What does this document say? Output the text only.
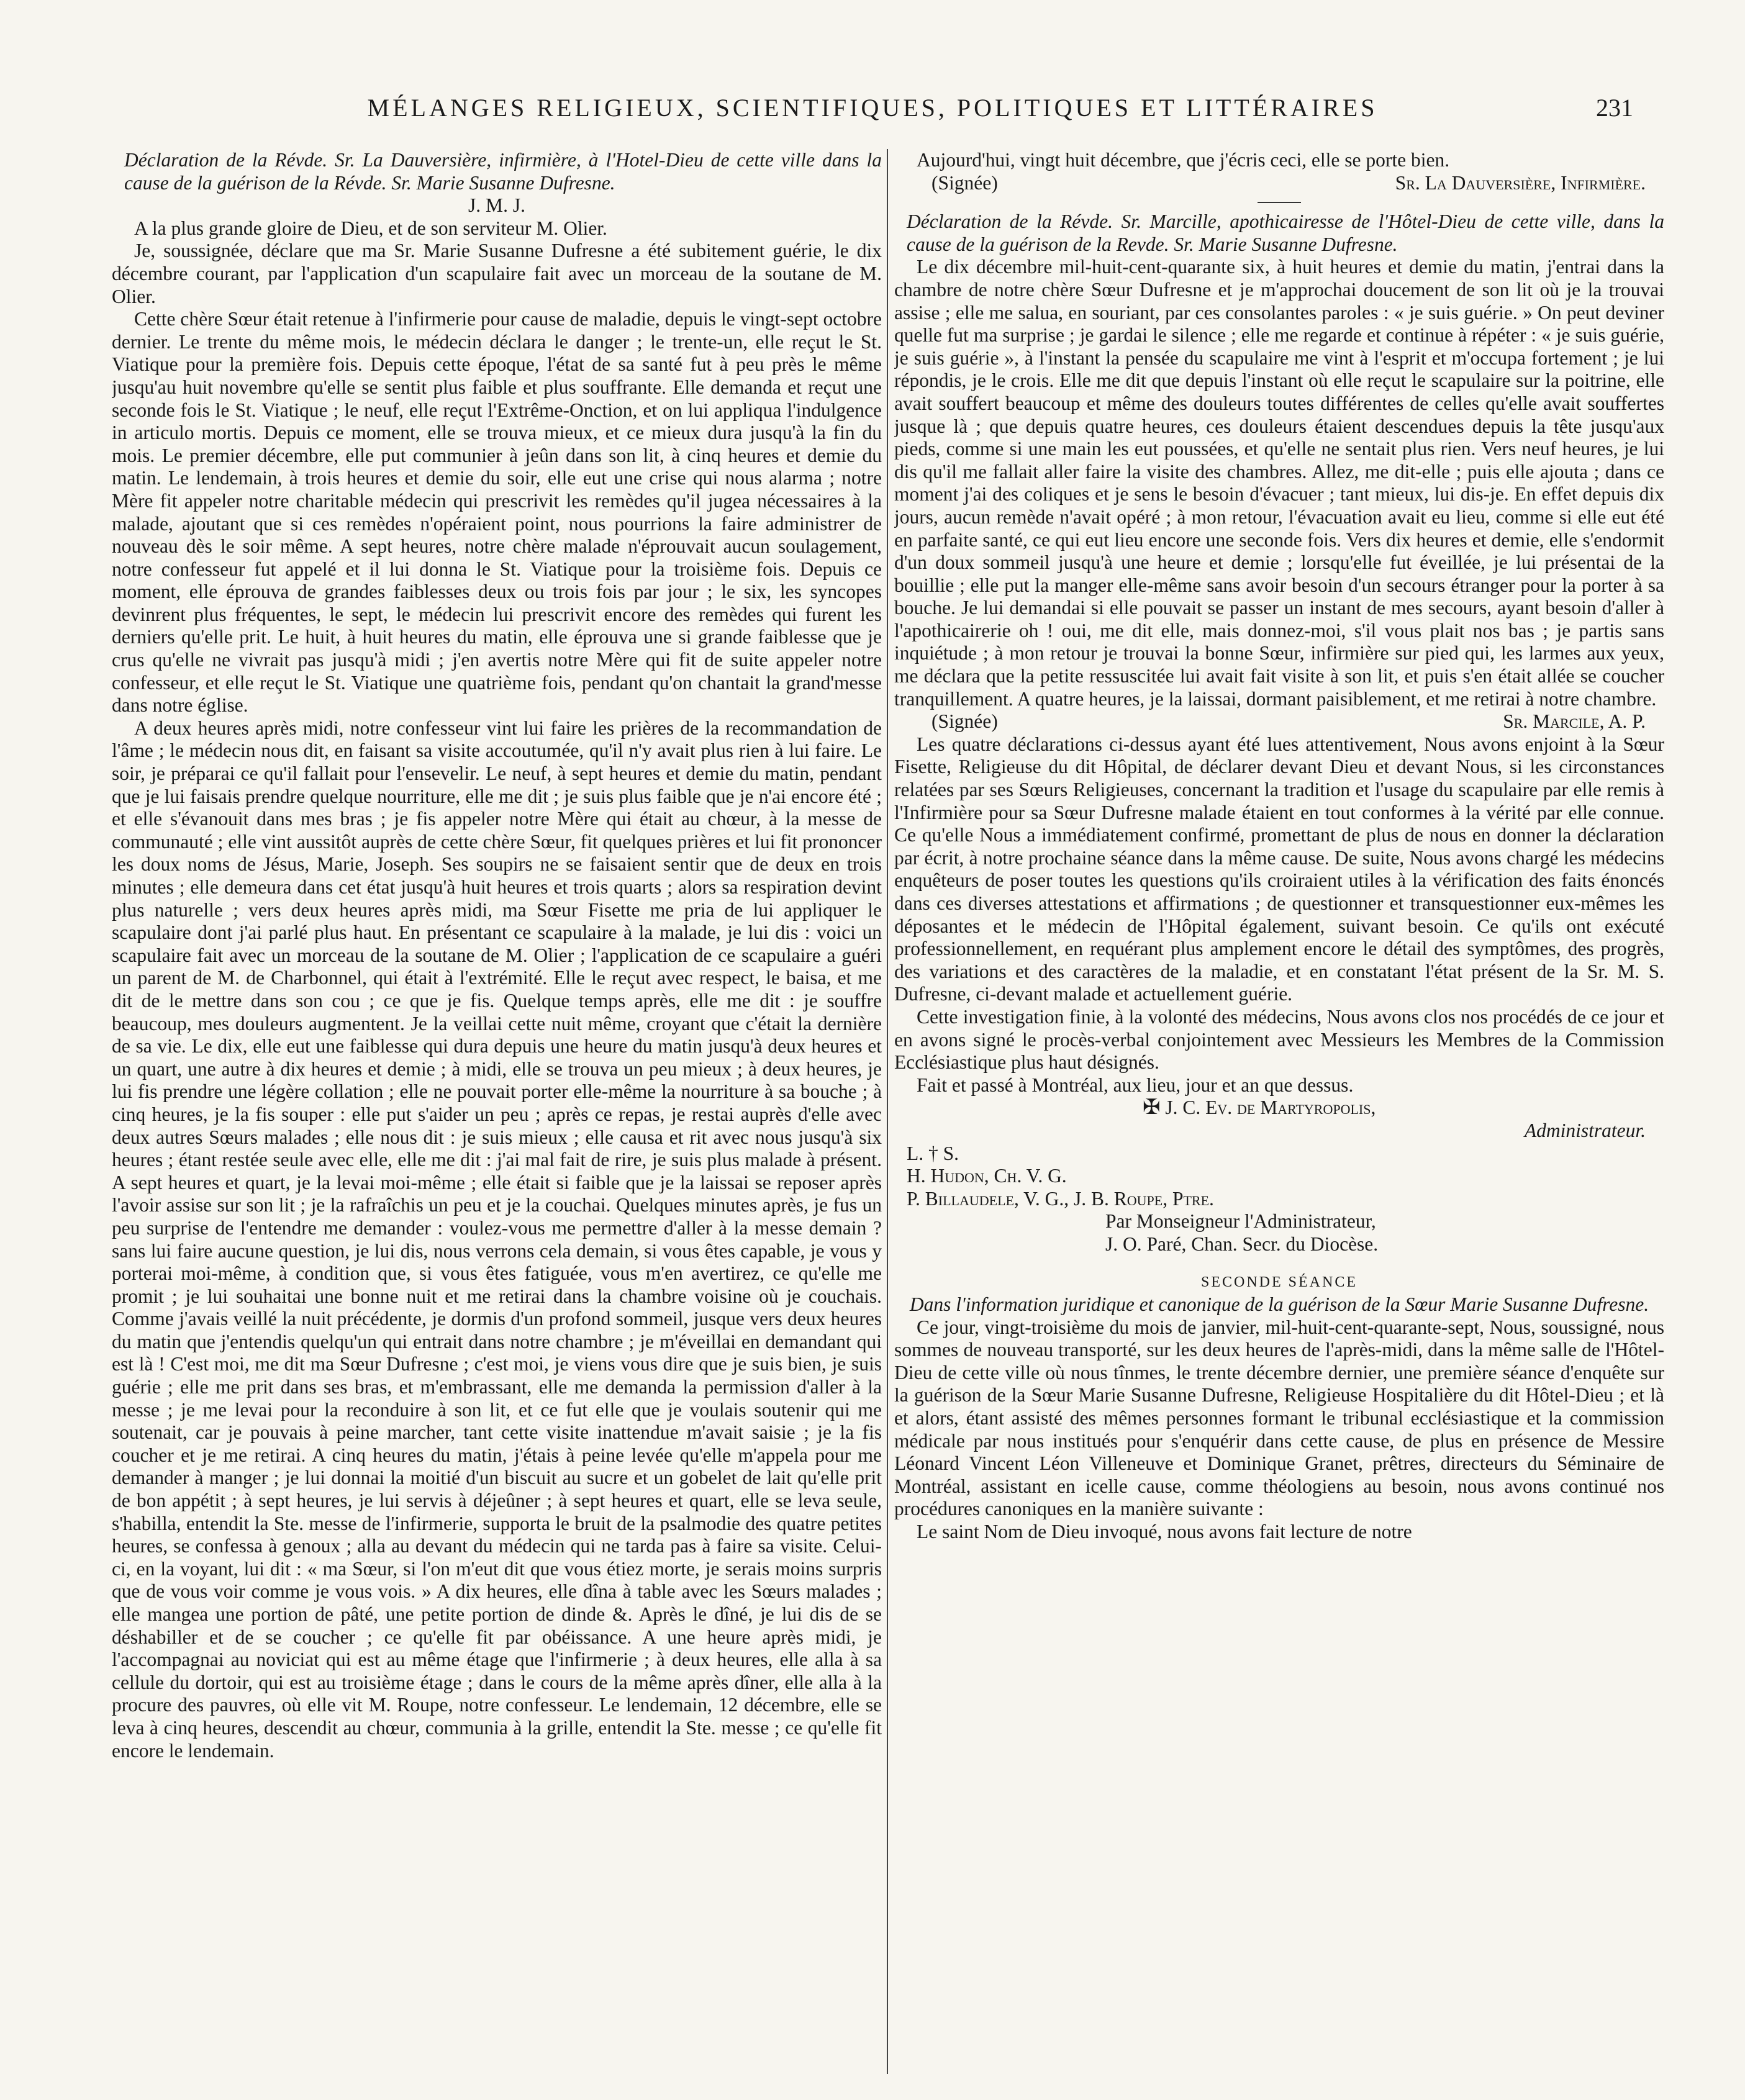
MÉLANGES RELIGIEUX, SCIENTIFIQUES, POLITIQUES ET LITTÉRAIRES	231

Déclaration de la Révde. Sr. La Dauversière, infirmière, à l'Hotel-Dieu de cette ville dans la cause de la guérison de la Révde. Sr. Marie Susanne Dufresne.

J. M. J.

A la plus grande gloire de Dieu, et de son serviteur M. Olier.

Je, soussignée, déclare que ma Sr. Marie Susanne Dufresne a été subitement guérie, le dix décembre courant, par l'application d'un scapulaire fait avec un morceau de la soutane de M. Olier.

Cette chère Sœur était retenue à l'infirmerie pour cause de maladie, depuis le vingt-sept octobre dernier. Le trente du même mois, le médecin déclara le danger ; le trente-un, elle reçut le St. Viatique pour la première fois. Depuis cette époque, l'état de sa santé fut à peu près le même jusqu'au huit novembre qu'elle se sentit plus faible et plus souffrante. Elle demanda et reçut une seconde fois le St. Viatique ; le neuf, elle reçut l'Extrême-Onction, et on lui appliqua l'indulgence in articulo mortis. Depuis ce moment, elle se trouva mieux, et ce mieux dura jusqu'à la fin du mois. Le premier décembre, elle put communier à jeûn dans son lit, à cinq heures et demie du matin. Le lendemain, à trois heures et demie du soir, elle eut une crise qui nous alarma ; notre Mère fit appeler notre charitable médecin qui prescrivit les remèdes qu'il jugea nécessaires à la malade, ajoutant que si ces remèdes n'opéraient point, nous pourrions la faire administrer de nouveau dès le soir même. A sept heures, notre chère malade n'éprouvait aucun soulagement, notre confesseur fut appelé et il lui donna le St. Viatique pour la troisième fois. Depuis ce moment, elle éprouva de grandes faiblesses deux ou trois fois par jour ; le six, les syncopes devinrent plus fréquentes, le sept, le médecin lui prescrivit encore des remèdes qui furent les derniers qu'elle prit. Le huit, à huit heures du matin, elle éprouva une si grande faiblesse que je crus qu'elle ne vivrait pas jusqu'à midi ; j'en avertis notre Mère qui fit de suite appeler notre confesseur, et elle reçut le St. Viatique une quatrième fois, pendant qu'on chantait la grand'messe dans notre église.

A deux heures après midi, notre confesseur vint lui faire les prières de la recommandation de l'âme ; le médecin nous dit, en faisant sa visite accoutumée, qu'il n'y avait plus rien à lui faire. Le soir, je préparai ce qu'il fallait pour l'ensevelir. Le neuf, à sept heures et demie du matin, pendant que je lui faisais prendre quelque nourriture, elle me dit ; je suis plus faible que je n'ai encore été ; et elle s'évanouit dans mes bras ; je fis appeler notre Mère qui était au chœur, à la messe de communauté ; elle vint aussitôt auprès de cette chère Sœur, fit quelques prières et lui fit prononcer les doux noms de Jésus, Marie, Joseph. Ses soupirs ne se faisaient sentir que de deux en trois minutes ; elle demeura dans cet état jusqu'à huit heures et trois quarts ; alors sa respiration devint plus naturelle ; vers deux heures après midi, ma Sœur Fisette me pria de lui appliquer le scapulaire dont j'ai parlé plus haut. En présentant ce scapulaire à la malade, je lui dis : voici un scapulaire fait avec un morceau de la soutane de M. Olier ; l'application de ce scapulaire a guéri un parent de M. de Charbonnel, qui était à l'extrémité. Elle le reçut avec respect, le baisa, et me dit de le mettre dans son cou ; ce que je fis. Quelque temps après, elle me dit : je souffre beaucoup, mes douleurs augmentent. Je la veillai cette nuit même, croyant que c'était la dernière de sa vie. Le dix, elle eut une faiblesse qui dura depuis une heure du matin jusqu'à deux heures et un quart, une autre à dix heures et demie ; à midi, elle se trouva un peu mieux ; à deux heures, je lui fis prendre une légère collation ; elle ne pouvait porter elle-même la nourriture à sa bouche ; à cinq heures, je la fis souper : elle put s'aider un peu ; après ce repas, je restai auprès d'elle avec deux autres Sœurs malades ; elle nous dit : je suis mieux ; elle causa et rit avec nous jusqu'à six heures ; étant restée seule avec elle, elle me dit : j'ai mal fait de rire, je suis plus malade à présent. A sept heures et quart, je la levai moi-même ; elle était si faible que je la laissai se reposer après l'avoir assise sur son lit ; je la rafraîchis un peu et je la couchai. Quelques minutes après, je fus un peu surprise de l'entendre me demander : voulez-vous me permettre d'aller à la messe demain ? sans lui faire aucune question, je lui dis, nous verrons cela demain, si vous êtes capable, je vous y porterai moi-même, à condition que, si vous êtes fatiguée, vous m'en avertirez, ce qu'elle me promit ; je lui souhaitai une bonne nuit et me retirai dans la chambre voisine où je couchais. Comme j'avais veillé la nuit précédente, je dormis d'un profond sommeil, jusque vers deux heures du matin que j'entendis quelqu'un qui entrait dans notre chambre ; je m'éveillai en demandant qui est là ! C'est moi, me dit ma Sœur Dufresne ; c'est moi, je viens vous dire que je suis bien, je suis guérie ; elle me prit dans ses bras, et m'embrassant, elle me demanda la permission d'aller à la messe ; je me levai pour la reconduire à son lit, et ce fut elle que je voulais soutenir qui me soutenait, car je pouvais à peine marcher, tant cette visite inattendue m'avait saisie ; je la fis coucher et je me retirai. A cinq heures du matin, j'étais à peine levée qu'elle m'appela pour me demander à manger ; je lui donnai la moitié d'un biscuit au sucre et un gobelet de lait qu'elle prit de bon appétit ; à sept heures, je lui servis à déjeûner ; à sept heures et quart, elle se leva seule, s'habilla, entendit la Ste. messe de l'infirmerie, supporta le bruit de la psalmodie des quatre petites heures, se confessa à genoux ; alla au devant du médecin qui ne tarda pas à faire sa visite. Celui-ci, en la voyant, lui dit : « ma Sœur, si l'on m'eut dit que vous étiez morte, je serais moins surpris que de vous voir comme je vous vois. » A dix heures, elle dîna à table avec les Sœurs malades ; elle mangea une portion de pâté, une petite portion de dinde &. Après le dîné, je lui dis de se déshabiller et de se coucher ; ce qu'elle fit par obéissance. A une heure après midi, je l'accompagnai au noviciat qui est au même étage que l'infirmerie ; à deux heures, elle alla à sa cellule du dortoir, qui est au troisième étage ; dans le cours de la même après dîner, elle alla à la procure des pauvres, où elle vit M. Roupe, notre confesseur. Le lendemain, 12 décembre, elle se leva à cinq heures, descendit au chœur, communia à la grille, entendit la Ste. messe ; ce qu'elle fit encore le lendemain.

Aujourd'hui, vingt huit décembre, que j'écris ceci, elle se porte bien.

(Signée)	Sr. La Dauversière, Infirmière.

Déclaration de la Révde. Sr. Marcille, apothicairesse de l'Hôtel-Dieu de cette ville, dans la cause de la guérison de la Revde. Sr. Marie Susanne Dufresne.

Le dix décembre mil-huit-cent-quarante six, à huit heures et demie du matin, j'entrai dans la chambre de notre chère Sœur Dufresne et je m'approchai doucement de son lit où je la trouvai assise ; elle me salua, en souriant, par ces consolantes paroles : « je suis guérie. » On peut deviner quelle fut ma surprise ; je gardai le silence ; elle me regarde et continue à répéter : « je suis guérie, je suis guérie », à l'instant la pensée du scapulaire me vint à l'esprit et m'occupa fortement ; je lui répondis, je le crois. Elle me dit que depuis l'instant où elle reçut le scapulaire sur la poitrine, elle avait souffert beaucoup et même des douleurs toutes différentes de celles qu'elle avait souffertes jusque là ; que depuis quatre heures, ces douleurs étaient descendues depuis la tête jusqu'aux pieds, comme si une main les eut poussées, et qu'elle ne sentait plus rien. Vers neuf heures, je lui dis qu'il me fallait aller faire la visite des chambres. Allez, me dit-elle ; puis elle ajouta ; dans ce moment j'ai des coliques et je sens le besoin d'évacuer ; tant mieux, lui dis-je. En effet depuis dix jours, aucun remède n'avait opéré ; à mon retour, l'évacuation avait eu lieu, comme si elle eut été en parfaite santé, ce qui eut lieu encore une seconde fois. Vers dix heures et demie, elle s'endormit d'un doux sommeil jusqu'à une heure et demie ; lorsqu'elle fut éveillée, je lui présentai de la bouillie ; elle put la manger elle-même sans avoir besoin d'un secours étranger pour la porter à sa bouche. Je lui demandai si elle pouvait se passer un instant de mes secours, ayant besoin d'aller à l'apothicairerie oh ! oui, me dit elle, mais donnez-moi, s'il vous plait nos bas ; je partis sans inquiétude ; à mon retour je trouvai la bonne Sœur, infirmière sur pied qui, les larmes aux yeux, me déclara que la petite ressuscitée lui avait fait visite à son lit, et puis s'en était allée se coucher tranquillement. A quatre heures, je la laissai, dormant paisiblement, et me retirai à notre chambre.

(Signée)	Sr. Marcile, A. P.

Les quatre déclarations ci-dessus ayant été lues attentivement, Nous avons enjoint à la Sœur Fisette, Religieuse du dit Hôpital, de déclarer devant Dieu et devant Nous, si les circonstances relatées par ses Sœurs Religieuses, concernant la tradition et l'usage du scapulaire par elle remis à l'Infirmière pour sa Sœur Dufresne malade étaient en tout conformes à la vérité par elle connue. Ce qu'elle Nous a immédiatement confirmé, promettant de plus de nous en donner la déclaration par écrit, à notre prochaine séance dans la même cause. De suite, Nous avons chargé les médecins enquêteurs de poser toutes les questions qu'ils croiraient utiles à la vérification des faits énoncés dans ces diverses attestations et affirmations ; de questionner et transquestionner eux-mêmes les déposantes et le médecin de l'Hôpital également, suivant besoin. Ce qu'ils ont exécuté professionnellement, en requérant plus amplement encore le détail des symptômes, des progrès, des variations et des caractères de la maladie, et en constatant l'état présent de la Sr. M. S. Dufresne, ci-devant malade et actuellement guérie.

Cette investigation finie, à la volonté des médecins, Nous avons clos nos procédés de ce jour et en avons signé le procès-verbal conjointement avec Messieurs les Membres de la Commission Ecclésiastique plus haut désignés.

Fait et passé à Montréal, aux lieu, jour et an que dessus.

✠ J. C. Ev. de Martyropolis,

Administrateur.

L. † S.

H. Hudon, Ch. V. G.

P. Billaudele, V. G., J. B. Roupe, Ptre.

Par Monseigneur l'Administrateur,

J. O. Paré, Chan. Secr. du Diocèse.

SECONDE SÉANCE

Dans l'information juridique et canonique de la guérison de la Sœur Marie Susanne Dufresne.

Ce jour, vingt-troisième du mois de janvier, mil-huit-cent-quarante-sept, Nous, soussigné, nous sommes de nouveau transporté, sur les deux heures de l'après-midi, dans la même salle de l'Hôtel-Dieu de cette ville où nous tînmes, le trente décembre dernier, une première séance d'enquête sur la guérison de la Sœur Marie Susanne Dufresne, Religieuse Hospitalière du dit Hôtel-Dieu ; et là et alors, étant assisté des mêmes personnes formant le tribunal ecclésiastique et la commission médicale par nous institués pour s'enquérir dans cette cause, de plus en présence de Messire Léonard Vincent Léon Villeneuve et Dominique Granet, prêtres, directeurs du Séminaire de Montréal, assistant en icelle cause, comme théologiens au besoin, nous avons continué nos procédures canoniques en la manière suivante :

Le saint Nom de Dieu invoqué, nous avons fait lecture de notre
